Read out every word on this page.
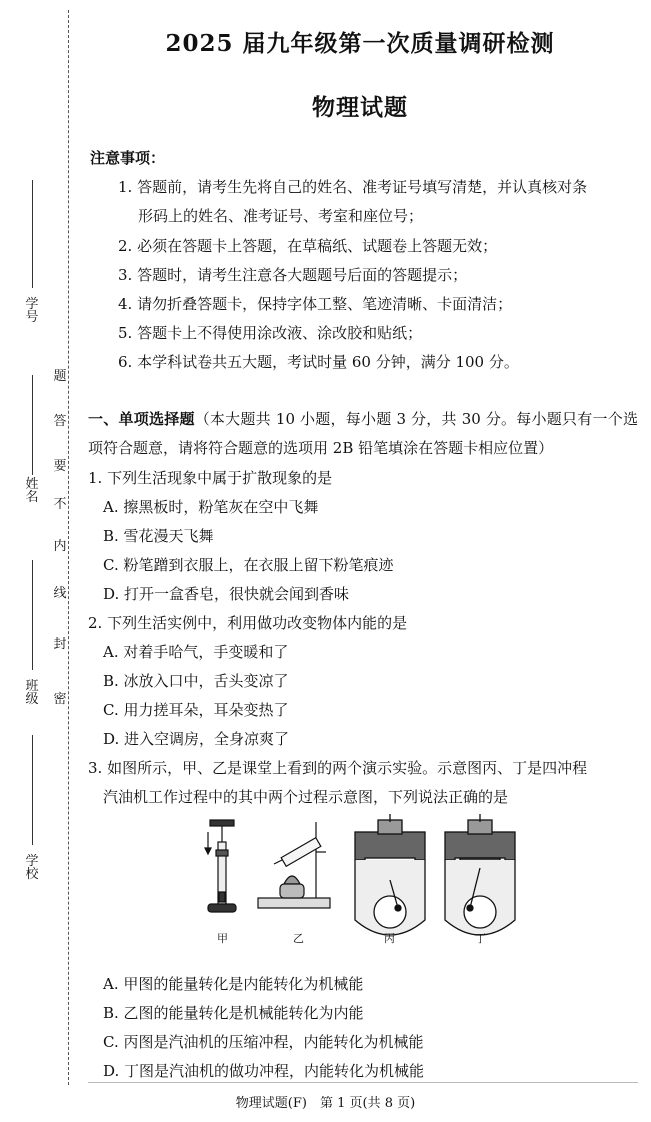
学号
姓名
班级
学校
密
封
线
内
不
要
答
题
2025 届九年级第一次质量调研检测
物理试题
注意事项：
1. 答题前，请考生先将自己的姓名、准考证号填写清楚，并认真核对条
形码上的姓名、准考证号、考室和座位号；
2. 必须在答题卡上答题，在草稿纸、试题卷上答题无效；
3. 答题时，请考生注意各大题题号后面的答题提示；
4. 请勿折叠答题卡，保持字体工整、笔迹清晰、卡面清洁；
5. 答题卡上不得使用涂改液、涂改胶和贴纸；
6. 本学科试卷共五大题，考试时量 60 分钟，满分 100 分。
一、单项选择题（本大题共 10 小题，每小题 3 分，共 30 分。每小题只有一个选项符合题意，请将符合题意的选项用 2B 铅笔填涂在答题卡相应位置）
1. 下列生活现象中属于扩散现象的是
A. 擦黑板时，粉笔灰在空中飞舞
B. 雪花漫天飞舞
C. 粉笔蹭到衣服上，在衣服上留下粉笔痕迹
D. 打开一盒香皂，很快就会闻到香味
2. 下列生活实例中，利用做功改变物体内能的是
A. 对着手哈气，手变暖和了
B. 冰放入口中，舌头变凉了
C. 用力搓耳朵，耳朵变热了
D. 进入空调房，全身凉爽了
3. 如图所示，甲、乙是课堂上看到的两个演示实验。示意图丙、丁是四冲程
汽油机工作过程中的其中两个过程示意图，下列说法正确的是
甲	乙	丙	丁
A. 甲图的能量转化是内能转化为机械能
B. 乙图的能量转化是机械能转化为内能
C. 丙图是汽油机的压缩冲程，内能转化为机械能
D. 丁图是汽油机的做功冲程，内能转化为机械能
物理试题(F)　第 1 页(共 8 页)
